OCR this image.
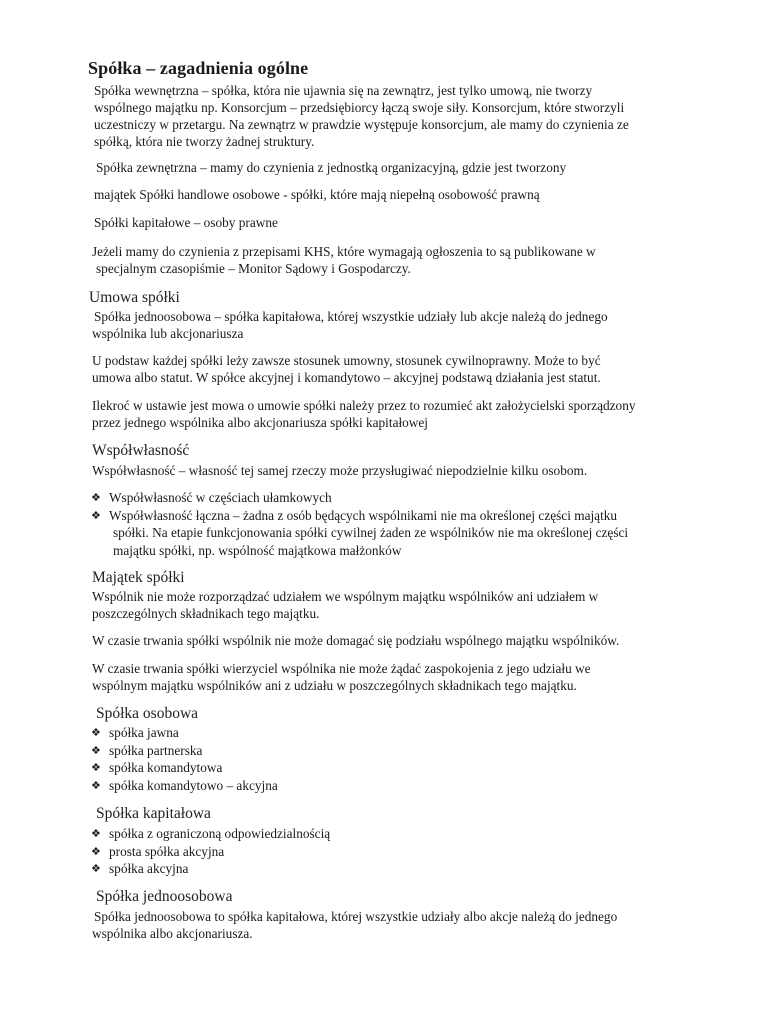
Spółka – zagadnienia ogólne

Spółka wewnętrzna – spółka, która nie ujawnia się na zewnątrz, jest tylko umową, nie tworzy
wspólnego majątku np. Konsorcjum – przedsiębiorcy łączą swoje siły. Konsorcjum, które stworzyli
uczestniczy w przetargu. Na zewnątrz w prawdzie występuje konsorcjum, ale mamy do czynienia ze
spółką, która nie tworzy żadnej struktury.

Spółka zewnętrzna – mamy do czynienia z jednostką organizacyjną, gdzie jest tworzony

majątek Spółki handlowe osobowe - spółki, które mają niepełną osobowość prawną

Spółki kapitałowe – osoby prawne

Jeżeli mamy do czynienia z przepisami KHS, które wymagają ogłoszenia to są publikowane w
specjalnym czasopiśmie – Monitor Sądowy i Gospodarczy.

Umowa spółki

Spółka jednoosobowa – spółka kapitałowa, której wszystkie udziały lub akcje należą do jednego
wspólnika lub akcjonariusza

U podstaw każdej spółki leży zawsze stosunek umowny, stosunek cywilnoprawny. Może to być
umowa albo statut. W spółce akcyjnej i komandytowo – akcyjnej podstawą działania jest statut.

Ilekroć w ustawie jest mowa o umowie spółki należy przez to rozumieć akt założycielski sporządzony
przez jednego wspólnika albo akcjonariusza spółki kapitałowej

Współwłasność

Współwłasność – własność tej samej rzeczy może przysługiwać niepodzielnie kilku osobom.

❖ Współwłasność w częściach ułamkowych
❖ Współwłasność łączna – żadna z osób będących wspólnikami nie ma określonej części majątku
spółki. Na etapie funkcjonowania spółki cywilnej żaden ze wspólników nie ma określonej części
majątku spółki, np. wspólność majątkowa małżonków
Majątek spółki

Wspólnik nie może rozporządzać udziałem we wspólnym majątku wspólników ani udziałem w
poszczególnych składnikach tego majątku.

W czasie trwania spółki wspólnik nie może domagać się podziału wspólnego majątku wspólników.

W czasie trwania spółki wierzyciel wspólnika nie może żądać zaspokojenia z jego udziału we
wspólnym majątku wspólników ani z udziału w poszczególnych składnikach tego majątku.

Spółka osobowa
❖ spółka jawna
❖ spółka partnerska
❖ spółka komandytowa
❖ spółka komandytowo – akcyjna
Spółka kapitałowa
❖ spółka z ograniczoną odpowiedzialnością
❖ prosta spółka akcyjna
❖ spółka akcyjna
Spółka jednoosobowa

Spółka jednoosobowa to spółka kapitałowa, której wszystkie udziały albo akcje należą do jednego
wspólnika albo akcjonariusza.
